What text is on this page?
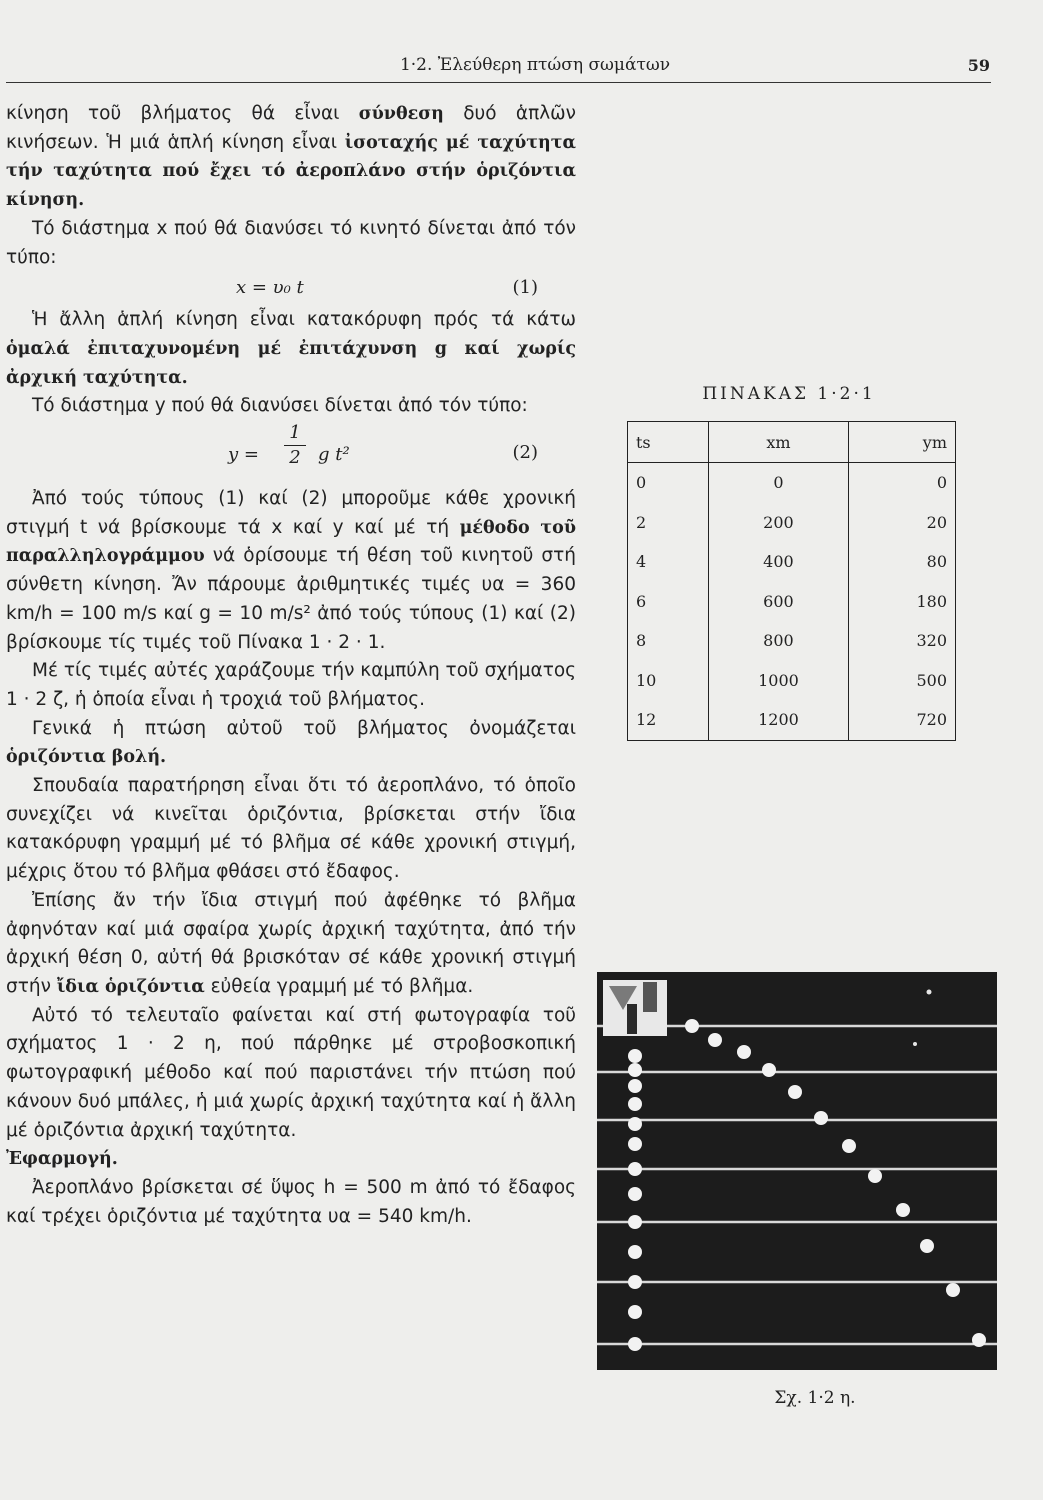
1·2. Ἐλεύθερη πτώση σωμάτων	59

κίνηση τοῦ βλήματος θά εἶναι σύνθεση δυό ἁπλῶν κινήσεων. Ἡ μιά ἁπλή κίνηση εἶναι ἰσοταχής μέ ταχύτητα τήν ταχύτητα πού ἔχει τό ἀεροπλάνο στήν ὁριζόντια κίνηση.

Τό διάστημα x πού θά διανύσει τό κινητό δίνεται ἀπό τόν τύπο:

x = υ₀ t	(1)

Ἡ ἄλλη ἁπλή κίνηση εἶναι κατακόρυφη πρός τά κάτω ὁμαλά ἐπιταχυνομένη μέ ἐπιτάχυνση g καί χωρίς ἀρχική ταχύτητα.

Τό διάστημα y πού θά διανύσει δίνεται ἀπό τόν τύπο:

$y = \frac{1}{2}$ g t²	(2)

Ἀπό τούς τύπους (1) καί (2) μποροῦμε κάθε χρονική στιγμή t νά βρίσκουμε τά x καί y καί μέ τή μέθοδο τοῦ παραλληλογράμμου νά ὁρίσουμε τή θέση τοῦ κινητοῦ στή σύνθετη κίνηση. Ἄν πάρουμε ἀριθμητικές τιμές υα = 360 km/h = 100 m/s καί g = 10 m/s² ἀπό τούς τύπους (1) καί (2) βρίσκουμε τίς τιμές τοῦ Πίνακα 1 · 2 · 1.

Μέ τίς τιμές αὐτές χαράζουμε τήν καμπύλη τοῦ σχήματος 1 · 2 ζ, ἡ ὁποία εἶναι ἡ τροχιά τοῦ βλήματος.

Γενικά ἡ πτώση αὐτοῦ τοῦ βλήματος ὀνομάζεται ὁριζόντια βολή.

Σπουδαία παρατήρηση εἶναι ὅτι τό ἀεροπλάνο, τό ὁποῖο συνεχίζει νά κινεῖται ὁριζόντια, βρίσκεται στήν ἴδια κατακόρυφη γραμμή μέ τό βλῆμα σέ κάθε χρονική στιγμή, μέχρις ὅτου τό βλῆμα φθάσει στό ἔδαφος.

Ἐπίσης ἄν τήν ἴδια στιγμή πού ἀφέθηκε τό βλῆμα ἀφηνόταν καί μιά σφαίρα χωρίς ἀρχική ταχύτητα, ἀπό τήν ἀρχική θέση 0, αὐτή θά βρισκόταν σέ κάθε χρονική στιγμή στήν ἴδια ὁριζόντια εὐθεία γραμμή μέ τό βλῆμα.

Αὐτό τό τελευταῖο φαίνεται καί στή φωτογραφία τοῦ σχήματος 1 · 2 η, πού πάρθηκε μέ στροβοσκοπική φωτογραφική μέθοδο καί πού παριστάνει τήν πτώση πού κάνουν δυό μπάλες, ἡ μιά χωρίς ἀρχική ταχύτητα καί ἡ ἄλλη μέ ὁριζόντια ἀρχική ταχύτητα.

Ἐφαρμογή.

Ἀεροπλάνο βρίσκεται σέ ὕψος h = 500 m ἀπό τό ἔδαφος καί τρέχει ὁριζόντια μέ ταχύτητα υα = 540 km/h.

ΠΙΝΑΚΑΣ 1·2·1
ts	xm	ym
0	0	0
2	200	20
4	400	80
6	600	180
8	800	320
10	1000	500
12	1200	720
Σχ. 1·2 η.
